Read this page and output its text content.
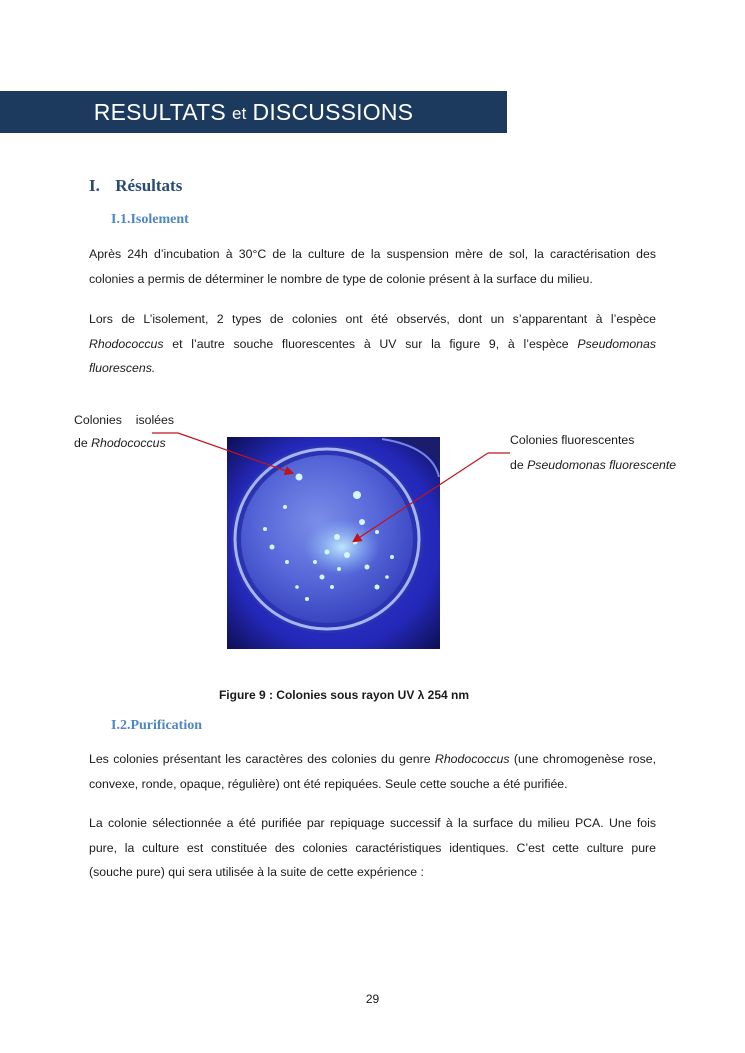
RESULTATS et DISCUSSIONS
I. Résultats
I.1.Isolement
Après 24h d’incubation à 30°C de la culture de la suspension mère de sol, la caractérisation des
colonies a permis de déterminer le nombre de type de colonie présent à la surface du milieu.
Lors de L’isolement, 2 types de colonies ont été observés, dont un s’apparentant à l’espèce
Rhodococcus et l’autre souche fluorescentes à UV sur la figure 9, à l’espèce Pseudomonas
fluorescens.
Colonies isolées
de Rhodococcus	Colonies fluorescentes
de Pseudomonas fluorescente
Figure 9 : Colonies sous rayon UV λ 254 nm
I.2.Purification
Les colonies présentant les caractères des colonies du genre Rhodococcus (une chromogenèse rose,
convexe, ronde, opaque, régulière) ont été repiquées. Seule cette souche a été purifiée.
La colonie sélectionnée a été purifiée par repiquage successif à la surface du milieu PCA. Une fois
pure, la culture est constituée des colonies caractéristiques identiques. C’est cette culture pure
(souche pure) qui sera utilisée à la suite de cette expérience :
29
